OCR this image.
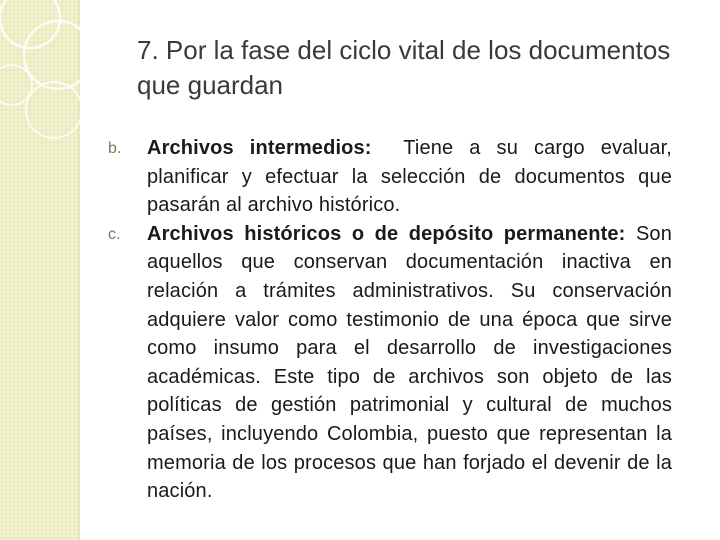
7. Por la fase del ciclo vital de los documentos que guardan
b. Archivos intermedios:  Tiene a su cargo evaluar, planificar y efectuar la selección de documentos que pasarán al archivo histórico.
c. Archivos históricos o de depósito permanente: Son aquellos que conservan documentación inactiva en relación a trámites administrativos. Su conservación adquiere valor como testimonio de una época que sirve como insumo para el desarrollo de investigaciones académicas. Este tipo de archivos son objeto de las políticas de gestión patrimonial y cultural de muchos países, incluyendo Colombia, puesto que representan la memoria de los procesos que han forjado el devenir de la nación.
